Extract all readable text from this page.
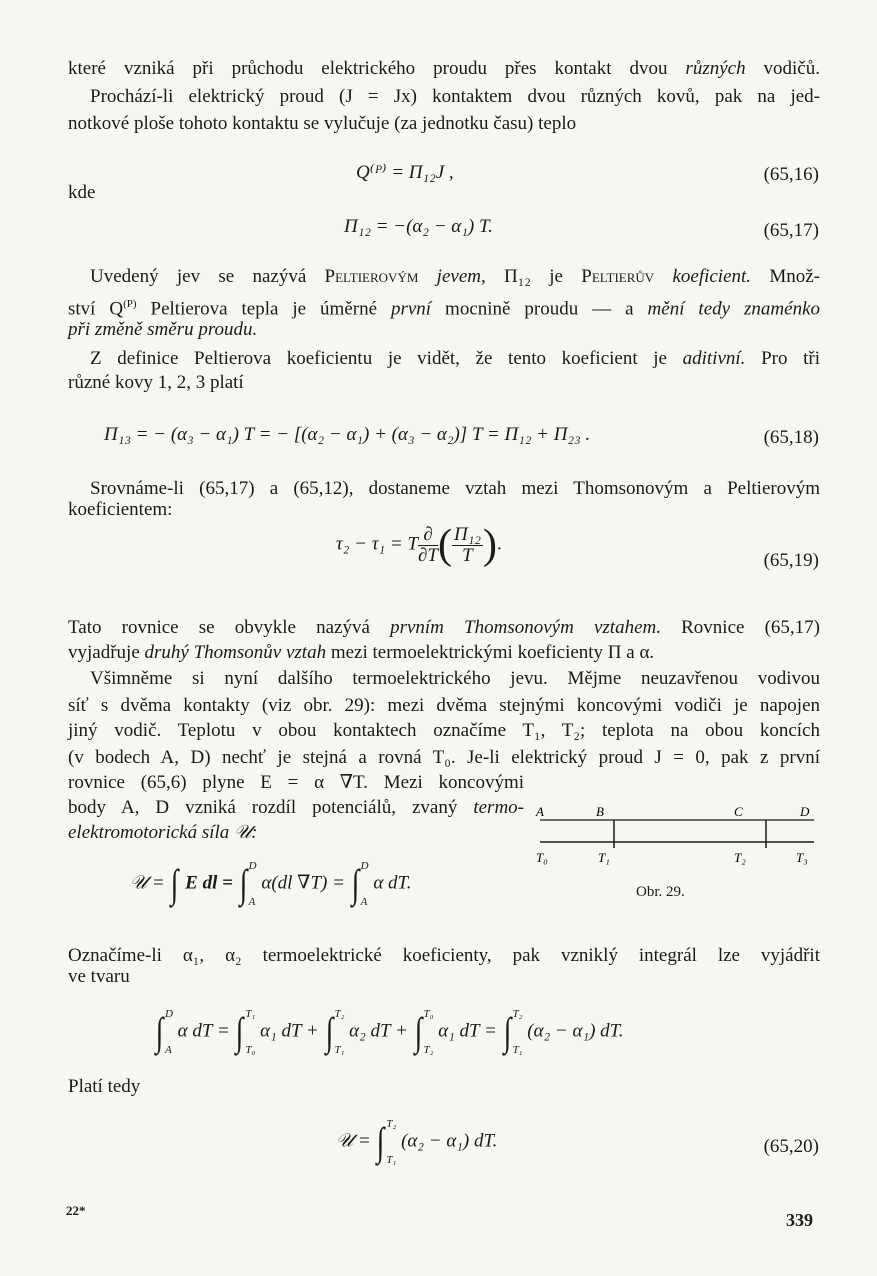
které vzniká při průchodu elektrického proudu přes kontakt dvou různých vodičů.
Prochází-li elektrický proud (J = Jx) kontaktem dvou různých kovů, pak na jed-
notkové ploše tohoto kontaktu se vylučuje (za jednotku času) teplo
Q⁽ᴾ⁾ = Π₁₂J ,	(65,16)
kde
Π₁₂ = −(α₂ − α₁) T.	(65,17)
Uvedený jev se nazývá Peltierovým jevem, Π₁₂ je Peltierův koeficient. Množ-
ství $Q^{(P)}$ Peltierova tepla je úměrné první mocnině proudu — a mění tedy znaménko
při změně směru proudu.
Z definice Peltierova koeficientu je vidět, že tento koeficient je aditivní. Pro tři
různé kovy 1, 2, 3 platí
Π₁₃ = − (α₃ − α₁) T = − [(α₂ − α₁) + (α₃ − α₂)] T = Π₁₂ + Π₂₃ .	(65,18)
Srovnáme-li (65,17) a (65,12), dostaneme vztah mezi Thomsonovým a Peltierovým
koeficientem:
τ₂ − τ₁ = T $\frac{\partial}{\partial T}$ ( $\frac{\text{Π₁₂}}{T}$ ).
(65,19)
Tato rovnice se obvykle nazývá prvním Thomsonovým vztahem. Rovnice (65,17)
vyjadřuje druhý Thomsonův vztah mezi termoelektrickými koeficienty Π a α.
Všimněme si nyní dalšího termoelektrického jevu. Mějme neuzavřenou vodivou
síť s dvěma kontakty (viz obr. 29): mezi dvěma stejnými koncovými vodiči je napojen
jiný vodič. Teplotu v obou kontaktech označíme T₁, T₂; teplota na obou koncích
(v bodech A, D) nechť je stejná a rovná T₀. Je-li elektrický proud J = 0, pak z první
rovnice (65,6) plyne E = α ∇T. Mezi koncovými
body A, D vzniká rozdíl potenciálů, zvaný termo-
elektromotorická síla 𝒰:
A	B	C	D
T₀	T₁	T₂	T₃
Obr. 29.
𝒰 = ∫ E dl = ∫ D

A α(dl ∇T) = ∫ D

A α dT.
Označíme-li α₁, α₂ termoelektrické koeficienty, pak vzniklý integrál lze vyjádřit
ve tvaru
∫ D

A α dT = ∫ T₁

T₀ α₁ dT + ∫ T₂

T₁ α₂ dT + ∫ T₀

T₂ α₁ dT = ∫ T₂

T₁ (α₂ − α₁) dT.
Platí tedy
𝒰 = ∫ T₂

T₁ (α₂ − α₁) dT.	(65,20)
22*	339
